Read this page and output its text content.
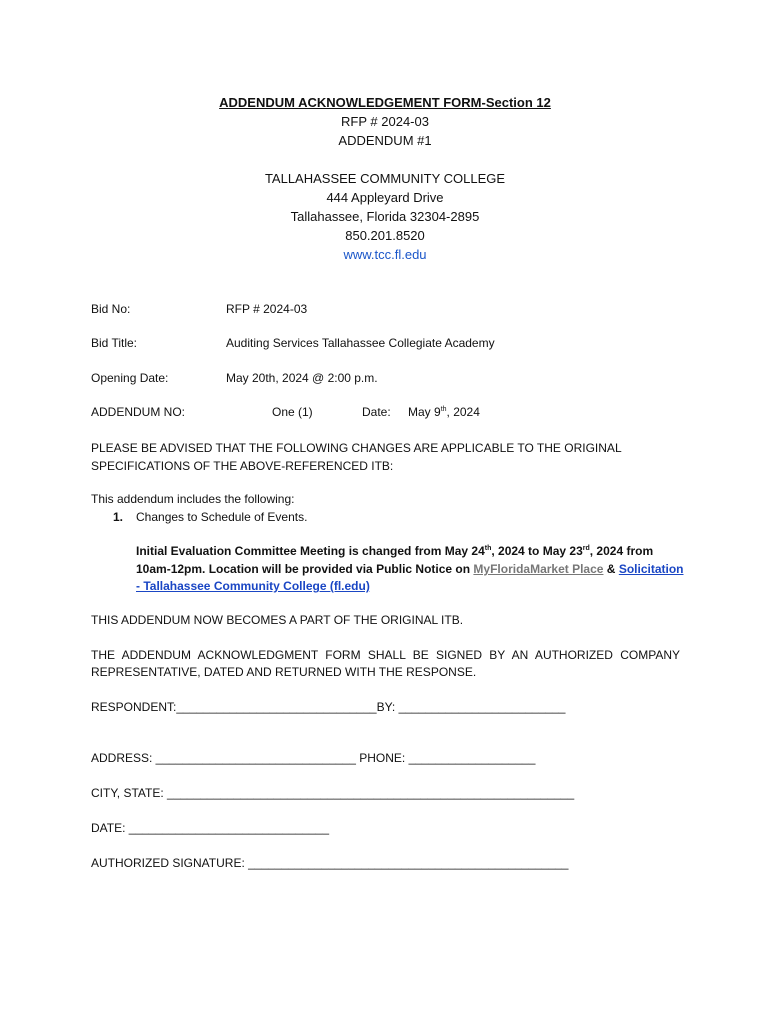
ADDENDUM ACKNOWLEDGEMENT FORM-Section 12
RFP # 2024-03
ADDENDUM #1
TALLAHASSEE COMMUNITY COLLEGE
444 Appleyard Drive
Tallahassee, Florida 32304-2895
850.201.8520
www.tcc.fl.edu
Bid No:	RFP # 2024-03
Bid Title:	Auditing Services Tallahassee Collegiate Academy
Opening Date:	May 20th, 2024 @ 2:00 p.m.
ADDENDUM NO:	One (1)	Date: May 9th, 2024
PLEASE BE ADVISED THAT THE FOLLOWING CHANGES ARE APPLICABLE TO THE ORIGINAL
SPECIFICATIONS OF THE ABOVE-REFERENCED ITB:
This addendum includes the following:
1. Changes to Schedule of Events.
Initial Evaluation Committee Meeting is changed from May 24th, 2024 to May 23rd, 2024 from
10am-12pm. Location will be provided via Public Notice on MyFloridaMarket Place & Solicitation
- Tallahassee Community College (fl.edu)
THIS ADDENDUM NOW BECOMES A PART OF THE ORIGINAL ITB.
THE ADDENDUM ACKNOWLEDGMENT FORM SHALL BE SIGNED BY AN AUTHORIZED COMPANY
REPRESENTATIVE, DATED AND RETURNED WITH THE RESPONSE.
RESPONDENT:______________________________BY: _________________________
ADDRESS: ______________________________ PHONE: ___________________
CITY, STATE: _____________________________________________________________
DATE: ______________________________
AUTHORIZED SIGNATURE: ________________________________________________
